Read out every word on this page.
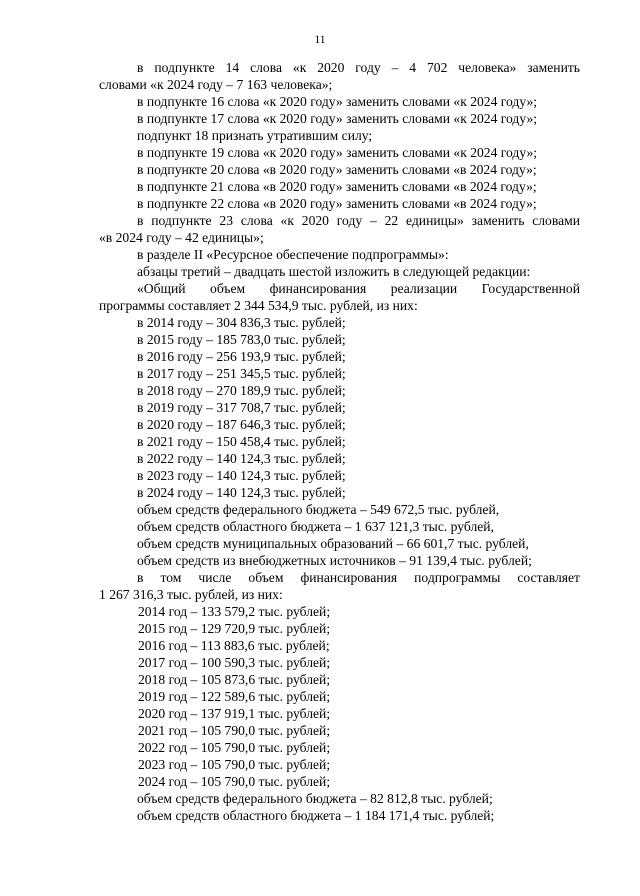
11
в подпункте 14 слова «к 2020 году – 4 702 человека» заменить
словами «к 2024 году – 7 163 человека»;
в подпункте 16 слова «к 2020 году» заменить словами «к 2024 году»;
в подпункте 17 слова «к 2020 году» заменить словами «к 2024 году»;
подпункт 18 признать утратившим силу;
в подпункте 19 слова «к 2020 году» заменить словами «к 2024 году»;
в подпункте 20 слова «в 2020 году» заменить словами «в 2024 году»;
в подпункте 21 слова «в 2020 году» заменить словами «в 2024 году»;
в подпункте 22 слова «в 2020 году» заменить словами «в 2024 году»;
в подпункте 23 слова «к 2020 году – 22 единицы» заменить словами
«в 2024 году – 42 единицы»;
в разделе II «Ресурсное обеспечение подпрограммы»:
абзацы третий – двадцать шестой изложить в следующей редакции:
«Общий объем финансирования реализации Государственной
программы составляет 2 344 534,9 тыс. рублей, из них:
в 2014 году – 304 836,3 тыс. рублей;
в 2015 году – 185 783,0 тыс. рублей;
в 2016 году – 256 193,9 тыс. рублей;
в 2017 году – 251 345,5 тыс. рублей;
в 2018 году – 270 189,9 тыс. рублей;
в 2019 году – 317 708,7 тыс. рублей;
в 2020 году – 187 646,3 тыс. рублей;
в 2021 году – 150 458,4 тыс. рублей;
в 2022 году – 140 124,3 тыс. рублей;
в 2023 году – 140 124,3 тыс. рублей;
в 2024 году – 140 124,3 тыс. рублей;
объем средств федерального бюджета – 549 672,5 тыс. рублей,
объем средств областного бюджета – 1 637 121,3 тыс. рублей,
объем средств муниципальных образований – 66 601,7 тыс. рублей,
объем средств из внебюджетных источников – 91 139,4 тыс. рублей;
в том числе объем финансирования подпрограммы составляет
1 267 316,3 тыс. рублей, из них:
2014 год – 133 579,2 тыс. рублей;
2015 год – 129 720,9 тыс. рублей;
2016 год – 113 883,6 тыс. рублей;
2017 год – 100 590,3 тыс. рублей;
2018 год – 105 873,6 тыс. рублей;
2019 год – 122 589,6 тыс. рублей;
2020 год – 137 919,1 тыс. рублей;
2021 год – 105 790,0 тыс. рублей;
2022 год – 105 790,0 тыс. рублей;
2023 год – 105 790,0 тыс. рублей;
2024 год – 105 790,0 тыс. рублей;
объем средств федерального бюджета – 82 812,8 тыс. рублей;
объем средств областного бюджета – 1 184 171,4 тыс. рублей;
